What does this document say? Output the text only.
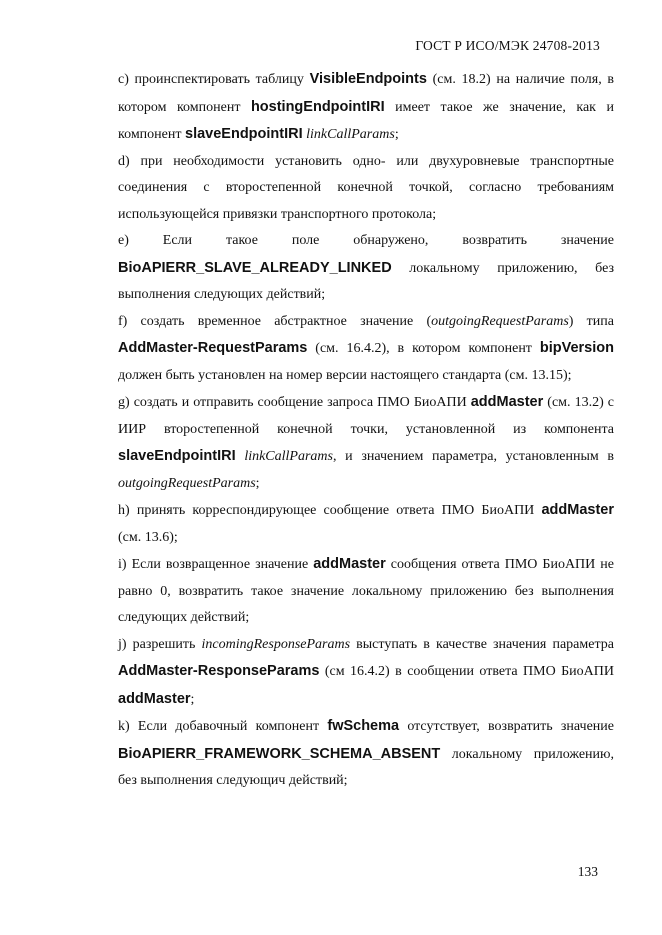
ГОСТ Р ИСО/МЭК 24708-2013
c) проинспектировать таблицу VisibleEndpoints (см. 18.2) на наличие поля, в котором компонент hostingEndpointIRI имеет такое же значение, как и компонент slaveEndpointIRI linkCallParams;
d) при необходимости установить одно- или двухуровневые транспортные соединения с второстепенной конечной точкой, согласно требованиям использующейся привязки транспортного протокола;
e) Если такое поле обнаружено, возвратить значение BioAPIERR_SLAVE_ALREADY_LINKED локальному приложению, без выполнения следующих действий;
f) создать временное абстрактное значение (outgoingRequestParams) типа AddMaster-RequestParams (см. 16.4.2), в котором компонент bipVersion должен быть установлен на номер версии настоящего стандарта (см. 13.15);
g) создать и отправить сообщение запроса ПМО БиоАПИ addMaster (см. 13.2) с ИИР второстепенной конечной точки, установленной из компонента slaveEndpointIRI linkCallParams, и значением параметра, установленным в outgoingRequestParams;
h) принять корреспондирующее сообщение ответа ПМО БиоАПИ addMaster (см. 13.6);
i) Если возвращенное значение addMaster сообщения ответа ПМО БиоАПИ не равно 0, возвратить такое значение локальному приложению без выполнения следующих действий;
j) разрешить incomingResponseParams выступать в качестве значения параметра AddMaster-ResponseParams (см 16.4.2) в сообщении ответа ПМО БиоАПИ addMaster;
k) Если добавочный компонент fwSchema отсутствует, возвратить значение BioAPIERR_FRAMEWORK_SCHEMA_ABSENT локальному приложению, без выполнения следующич действий;
133
